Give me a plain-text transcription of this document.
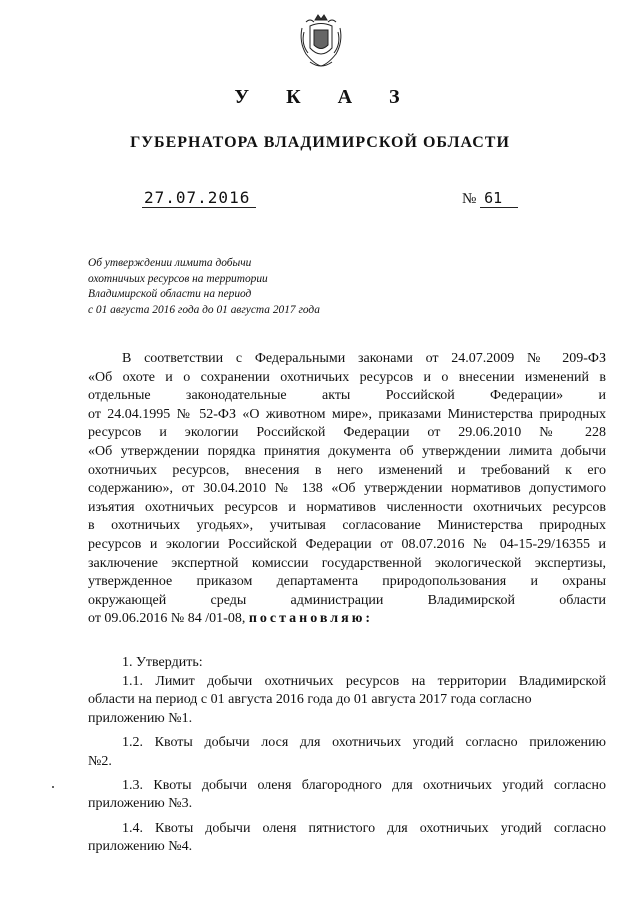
У К А З
ГУБЕРНАТОРА ВЛАДИМИРСКОЙ ОБЛАСТИ
27.07.2016	№ 61
Об утверждении лимита добычи
охотничьих ресурсов на территории
Владимирской области на период
с 01 августа 2016 года до 01 августа 2017 года
В соответствии с Федеральными законами от 24.07.2009 № 209-ФЗ
«Об охоте и о сохранении охотничьих ресурсов и о внесении изменений в
отдельные законодательные акты Российской Федерации» и
от 24.04.1995 № 52-ФЗ «О животном мире», приказами Министерства природных
ресурсов и экологии Российской Федерации от 29.06.2010 № 228
«Об утверждении порядка принятия документа об утверждении лимита добычи
охотничьих ресурсов, внесения в него изменений и требований к его
содержанию», от 30.04.2010 № 138 «Об утверждении нормативов допустимого
изъятия охотничьих ресурсов и нормативов численности охотничьих ресурсов
в охотничьих угодьях», учитывая согласование Министерства природных
ресурсов и экологии Российской Федерации от 08.07.2016 № 04-15-29/16355 и
заключение экспертной комиссии государственной экологической экспертизы,
утвержденное приказом департамента природопользования и охраны
окружающей среды администрации Владимирской области
от 09.06.2016 № 84 /01-08, постановляю:
1. Утвердить:
1.1. Лимит добычи охотничьих ресурсов на территории Владимирской
области на период с 01 августа 2016 года до 01 августа 2017 года согласно
приложению №1.
1.2. Квоты добычи лося для охотничьих угодий согласно приложению
№2.
1.3. Квоты добычи оленя благородного для охотничьих угодий согласно
приложению №3.
1.4. Квоты добычи оленя пятнистого для охотничьих угодий согласно
приложению №4.
